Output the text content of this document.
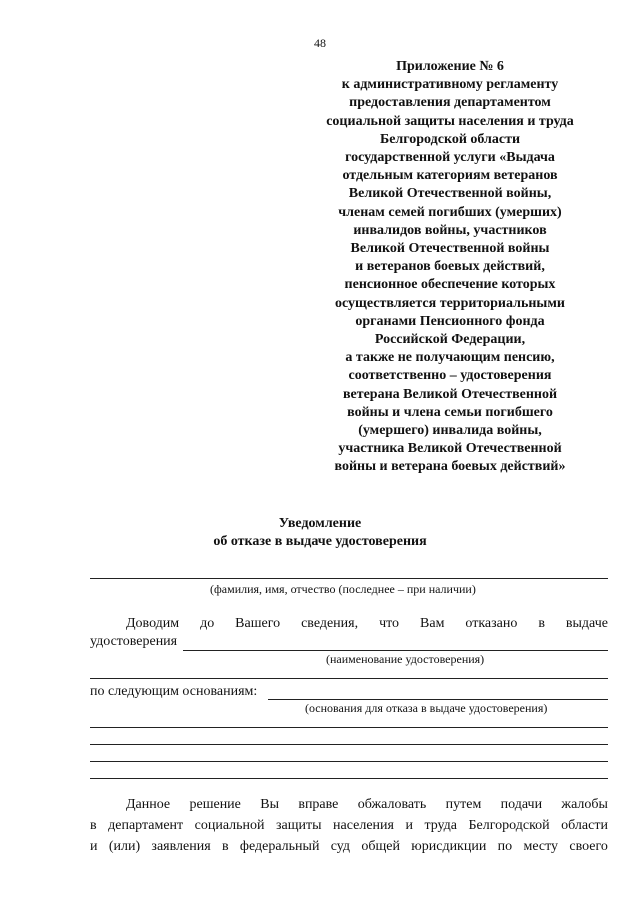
48
Приложение № 6
к административному регламенту
предоставления департаментом
социальной защиты населения и труда
Белгородской области
государственной услуги «Выдача
отдельным категориям ветеранов
Великой Отечественной войны,
членам семей погибших (умерших)
инвалидов войны, участников
Великой Отечественной войны
и ветеранов боевых действий,
пенсионное обеспечение которых
осуществляется территориальными
органами Пенсионного фонда
Российской Федерации,
а также не получающим пенсию,
соответственно – удостоверения
ветерана Великой Отечественной
войны и члена семьи погибшего
(умершего) инвалида войны,
участника Великой Отечественной
войны и ветерана боевых действий»
Уведомление
об отказе в выдаче удостоверения
(фамилия, имя, отчество (последнее – при наличии)
Доводим до Вашего сведения, что Вам отказано в выдаче
удостоверения
(наименование удостоверения)
по следующим основаниям:
(основания для отказа в выдаче удостоверения)
Данное решение Вы вправе обжаловать путем подачи жалобы
в департамент социальной защиты населения и труда Белгородской области
и (или) заявления в федеральный суд общей юрисдикции по месту своего
